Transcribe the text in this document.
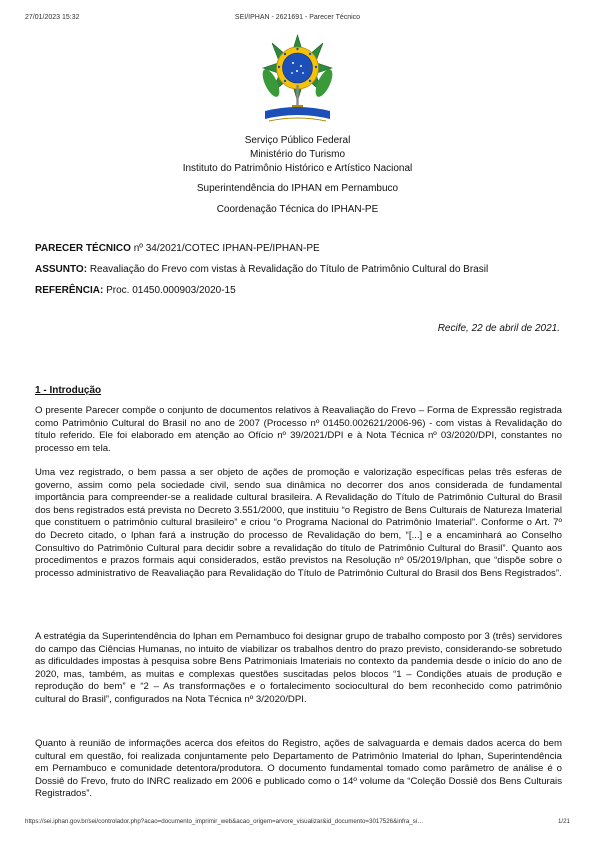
27/01/2023 15:32	SEI/IPHAN - 2621691 - Parecer Técnico
Serviço Público Federal
Ministério do Turismo
Instituto do Patrimônio Histórico e Artístico Nacional
Superintendência do IPHAN em Pernambuco
Coordenação Técnica do IPHAN-PE
PARECER TÉCNICO nº 34/2021/COTEC IPHAN-PE/IPHAN-PE
ASSUNTO: Reavaliação do Frevo com vistas à Revalidação do Título de Patrimônio Cultural do Brasil
REFERÊNCIA: Proc. 01450.000903/2020-15
Recife, 22 de abril de 2021.
1 - Introdução
O presente Parecer compõe o conjunto de documentos relativos à Reavaliação do Frevo – Forma de Expressão registrada como Patrimônio Cultural do Brasil no ano de 2007 (Processo nº 01450.002621/2006-96) - com vistas à Revalidação do título referido. Ele foi elaborado em atenção ao Ofício nº 39/2021/DPI e à Nota Técnica nº 03/2020/DPI, constantes no processo em tela.
Uma vez registrado, o bem passa a ser objeto de ações de promoção e valorização específicas pelas três esferas de governo, assim como pela sociedade civil, sendo sua dinâmica no decorrer dos anos considerada de fundamental importância para compreender-se a realidade cultural brasileira. A Revalidação do Título de Patrimônio Cultural do Brasil dos bens registrados está prevista no Decreto 3.551/2000, que instituiu “o Registro de Bens Culturais de Natureza Imaterial que constituem o patrimônio cultural brasileiro” e criou “o Programa Nacional do Patrimônio Imaterial”. Conforme o Art. 7º do Decreto citado, o Iphan fará a instrução do processo de Revalidação do bem, “[...] e a encaminhará ao Conselho Consultivo do Patrimônio Cultural para decidir sobre a revalidação do título de Patrimônio Cultural do Brasil”. Quanto aos procedimentos e prazos formais aqui considerados, estão previstos na Resolução nº 05/2019/Iphan, que “dispõe sobre o processo administrativo de Reavaliação para Revalidação do Título de Patrimônio Cultural do Brasil dos Bens Registrados”.
A estratégia da Superintendência do Iphan em Pernambuco foi designar grupo de trabalho composto por 3 (três) servidores do campo das Ciências Humanas, no intuito de viabilizar os trabalhos dentro do prazo previsto, considerando-se sobretudo as dificuldades impostas à pesquisa sobre Bens Patrimoniais Imateriais no contexto da pandemia desde o início do ano de 2020, mas, também, as muitas e complexas questões suscitadas pelos blocos “1 – Condições atuais de produção e reprodução do bem” e “2 – As transformações e o fortalecimento sociocultural do bem reconhecido como patrimônio cultural do Brasil”, configurados na Nota Técnica nº 3/2020/DPI.
Quanto à reunião de informações acerca dos efeitos do Registro, ações de salvaguarda e demais dados acerca do bem cultural em questão, foi realizada conjuntamente pelo Departamento de Patrimônio Imaterial do Iphan, Superintendência em Pernambuco e comunidade detentora/produtora. O documento fundamental tomado como parâmetro de análise é o Dossiê do Frevo, fruto do INRC realizado em 2006 e publicado como o 14º volume da “Coleção Dossiê dos Bens Culturais Registrados”.
https://sei.iphan.gov.br/sei/controlador.php?acao=documento_imprimir_web&acao_origem=arvore_visualizar&id_documento=3017526&infra_si…	1/21
